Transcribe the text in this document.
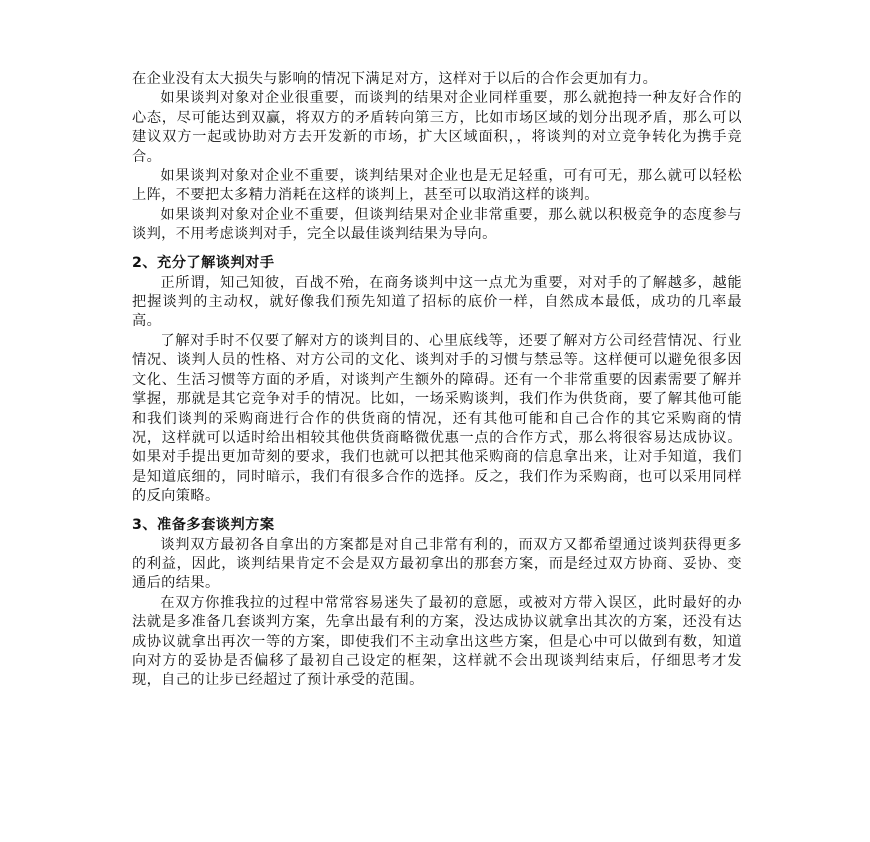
在企业没有太大损失与影响的情况下满足对方，这样对于以后的合作会更加有力。

如果谈判对象对企业很重要，而谈判的结果对企业同样重要，那么就抱持一种友好合作的心态，尽可能达到双赢，将双方的矛盾转向第三方，比如市场区域的划分出现矛盾，那么可以建议双方一起或协助对方去开发新的市场，扩大区域面积，，将谈判的对立竞争转化为携手竞合。

如果谈判对象对企业不重要，谈判结果对企业也是无足轻重，可有可无，那么就可以轻松上阵，不要把太多精力消耗在这样的谈判上，甚至可以取消这样的谈判。

如果谈判对象对企业不重要，但谈判结果对企业非常重要，那么就以积极竞争的态度参与谈判，不用考虑谈判对手，完全以最佳谈判结果为导向。

2、充分了解谈判对手

正所谓，知己知彼，百战不殆，在商务谈判中这一点尤为重要，对对手的了解越多，越能把握谈判的主动权，就好像我们预先知道了招标的底价一样，自然成本最低，成功的几率最高。

了解对手时不仅要了解对方的谈判目的、心里底线等，还要了解对方公司经营情况、行业情况、谈判人员的性格、对方公司的文化、谈判对手的习惯与禁忌等。这样便可以避免很多因文化、生活习惯等方面的矛盾，对谈判产生额外的障碍。还有一个非常重要的因素需要了解并掌握，那就是其它竞争对手的情况。比如，一场采购谈判，我们作为供货商，要了解其他可能和我们谈判的采购商进行合作的供货商的情况，还有其他可能和自己合作的其它采购商的情况，这样就可以适时给出相较其他供货商略微优惠一点的合作方式，那么将很容易达成协议。如果对手提出更加苛刻的要求，我们也就可以把其他采购商的信息拿出来，让对手知道，我们是知道底细的，同时暗示，我们有很多合作的选择。反之，我们作为采购商，也可以采用同样的反向策略。

3、准备多套谈判方案

谈判双方最初各自拿出的方案都是对自己非常有利的，而双方又都希望通过谈判获得更多的利益，因此，谈判结果肯定不会是双方最初拿出的那套方案，而是经过双方协商、妥协、变通后的结果。

在双方你推我拉的过程中常常容易迷失了最初的意愿，或被对方带入误区，此时最好的办法就是多准备几套谈判方案，先拿出最有利的方案，没达成协议就拿出其次的方案，还没有达成协议就拿出再次一等的方案，即使我们不主动拿出这些方案，但是心中可以做到有数，知道向对方的妥协是否偏移了最初自己设定的框架，这样就不会出现谈判结束后，仔细思考才发现，自己的让步已经超过了预计承受的范围。
